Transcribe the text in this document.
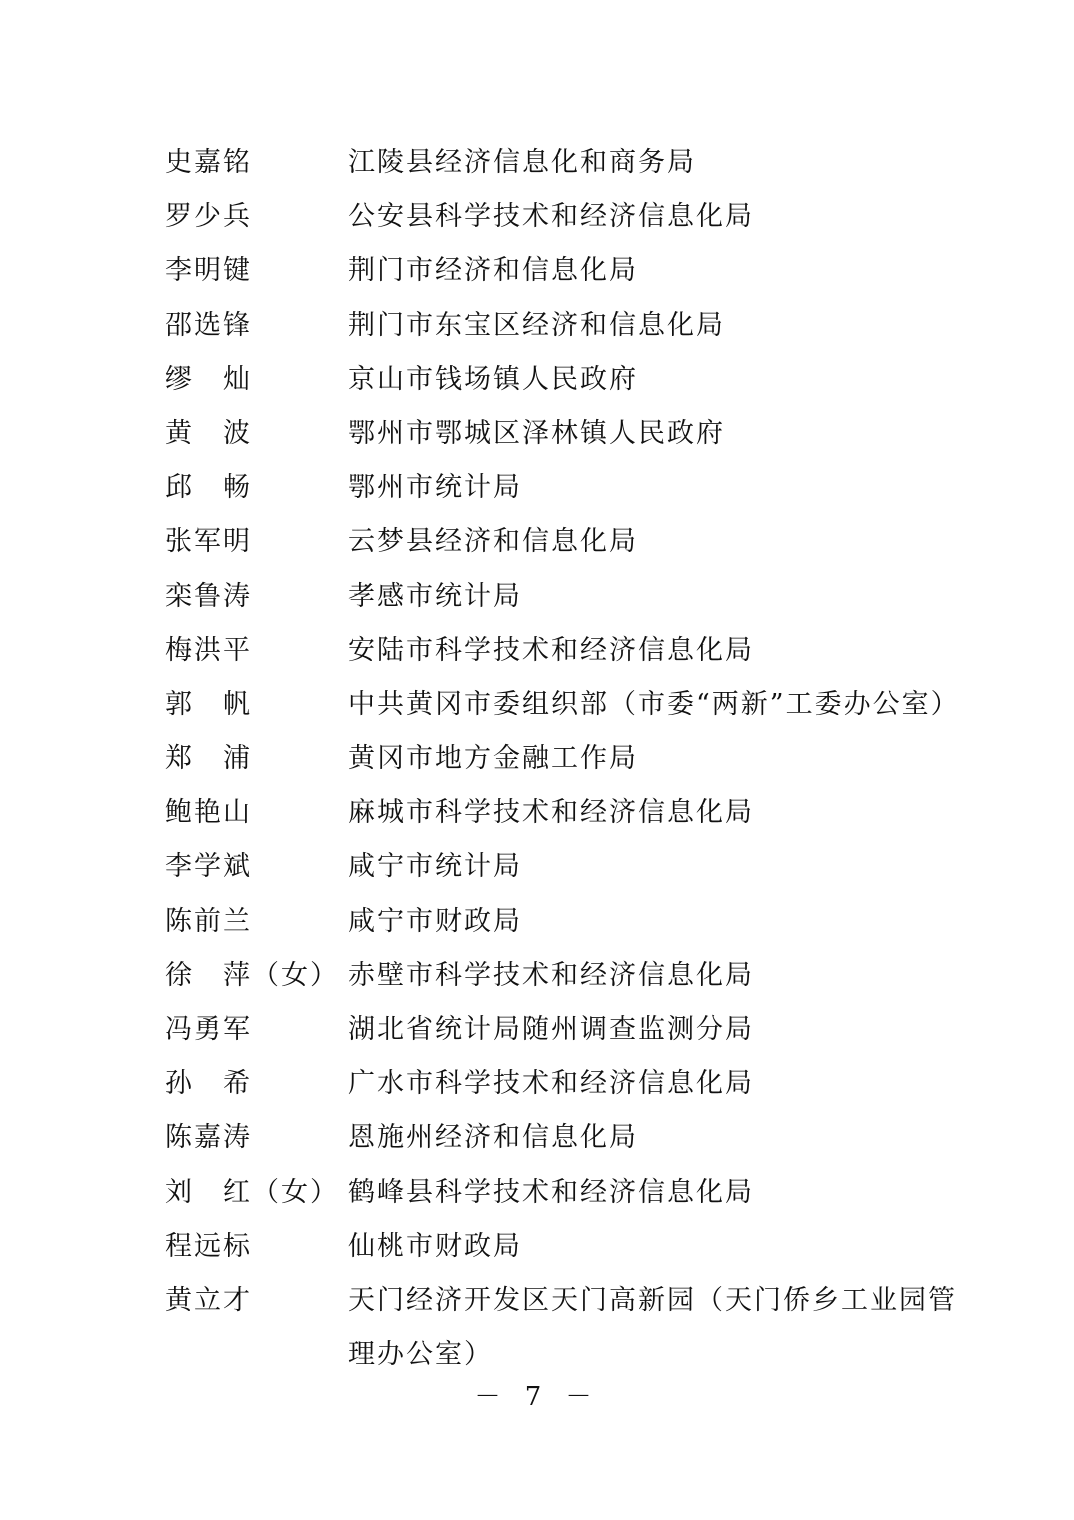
史嘉铭	江陵县经济信息化和商务局
罗少兵	公安县科学技术和经济信息化局
李明键	荆门市经济和信息化局
邵选锋	荆门市东宝区经济和信息化局
缪　灿	京山市钱场镇人民政府
黄　波	鄂州市鄂城区泽林镇人民政府
邱　畅	鄂州市统计局
张军明	云梦县经济和信息化局
栾鲁涛	孝感市统计局
梅洪平	安陆市科学技术和经济信息化局
郭　帆	中共黄冈市委组织部（市委“两新”工委办公室）
郑　浦	黄冈市地方金融工作局
鲍艳山	麻城市科学技术和经济信息化局
李学斌	咸宁市统计局
陈前兰	咸宁市财政局
徐　萍（女） 赤壁市科学技术和经济信息化局
冯勇军	湖北省统计局随州调查监测分局
孙　希	广水市科学技术和经济信息化局
陈嘉涛	恩施州经济和信息化局
刘　红（女） 鹤峰县科学技术和经济信息化局
程远标	仙桃市财政局
黄立才	天门经济开发区天门高新园（天门侨乡工业园管
理办公室）
－ 7 －
